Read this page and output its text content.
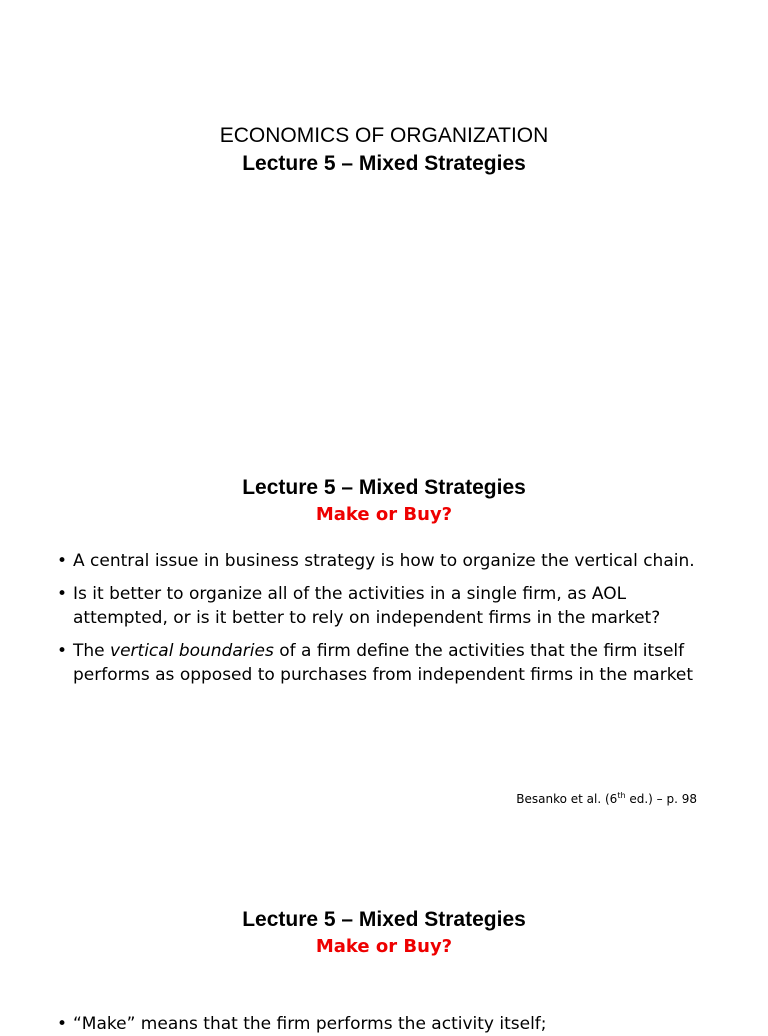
ECONOMICS OF ORGANIZATION
Lecture 5 – Mixed Strategies
Lecture 5 – Mixed Strategies
Make or Buy?
• A central issue in business strategy is how to organize the vertical chain.
• Is it better to organize all of the activities in a single firm, as AOL attempted, or is it better to rely on independent firms in the market?
• The vertical boundaries of a firm define the activities that the firm itself performs as opposed to purchases from independent firms in the market
Besanko et al. (6th ed.) – p. 98
Lecture 5 – Mixed Strategies
Make or Buy?
• “Make” means that the firm performs the activity itself;
